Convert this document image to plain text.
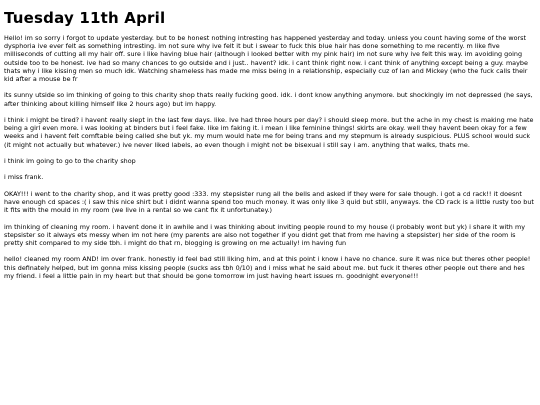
Tuesday 11th April

Hello! im so sorry i forgot to update yesterday. but to be honest nothing intresting has happened yesterday and today. unless you count having some of the worst dysphoria ive ever felt as something intresting. im not sure why ive felt it but i swear to fuck this blue hair has done something to me recently. m like five milliseconds of cutting all my hair off. sure i like having blue hair (although i looked better with my pink hair) im not sure why ive felt this way. im avoiding going outside too to be honest. ive had so many chances to go outside and i just.. havent? idk. i cant think right now. i cant think of anything except being a guy. maybe thats why i like kissing men so much idk. Watching shameless has made me miss being in a relationship, especially cuz of Ian and Mickey (who the fuck calls their kid after a mouse be fr

its sunny utside so im thinking of going to this charity shop thats really fucking good. idk. i dont know anything anymore. but shockingly im not depressed (he says, after thinking about killing himself like 2 hours ago) but im happy.

i think i might be tired? i havent really slept in the last few days. like. Ive had three hours per day? i should sleep more. but the ache in my chest is making me hate being a girl even more. i was looking at binders but i feel fake. like im faking it. i mean i like feminine things! skirts are okay. well they havent been okay for a few weeks and i havent felt comftable being called she but yk. my mum would hate me for being trans and my stepmum is already suspicious. PLUS school would suck (it might not actually but whatever.) ive never liked labels, ao even though i might not be bisexual i still say i am. anything that walks, thats me.

i think im going to go to the charity shop

i miss frank.

OKAY!!! i went to the charity shop, and it was pretty good :333. my stepsister rung all the bells and asked if they were for sale though. i got a cd rack!! it doesnt have enough cd spaces :( i saw this nice shirt but i didnt wanna spend too much money. it was only like 3 quid but still, anyways. the CD rack is a little rusty too but it fits with the mould in my room (we live in a rental so we cant fix it unfortunatey.)

im thinking of cleaning my room. i havent done it in awhile and i was thinking about inviting people round to my house (i probably wont but yk) i share it with my stepsister so it always ets messy when im not here (my parents are also not together if you didnt get that from me having a stepsister) her side of the room is pretty shit compared to my side tbh. i might do that rn, blogging is growing on me actually! im having fun

hello! cleaned my room AND! im over frank. honestly id feel bad still liking him, and at this point i know i have no chance. sure it was nice but theres other people! this definately helped, but im gonna miss kissing people (sucks ass tbh 0/10) and i miss what he said about me. but fuck it theres other people out there and hes my friend. i feel a little pain in my heart but that should be gone tomorrow im just having heart issues rn. goodnight everyone!!!
